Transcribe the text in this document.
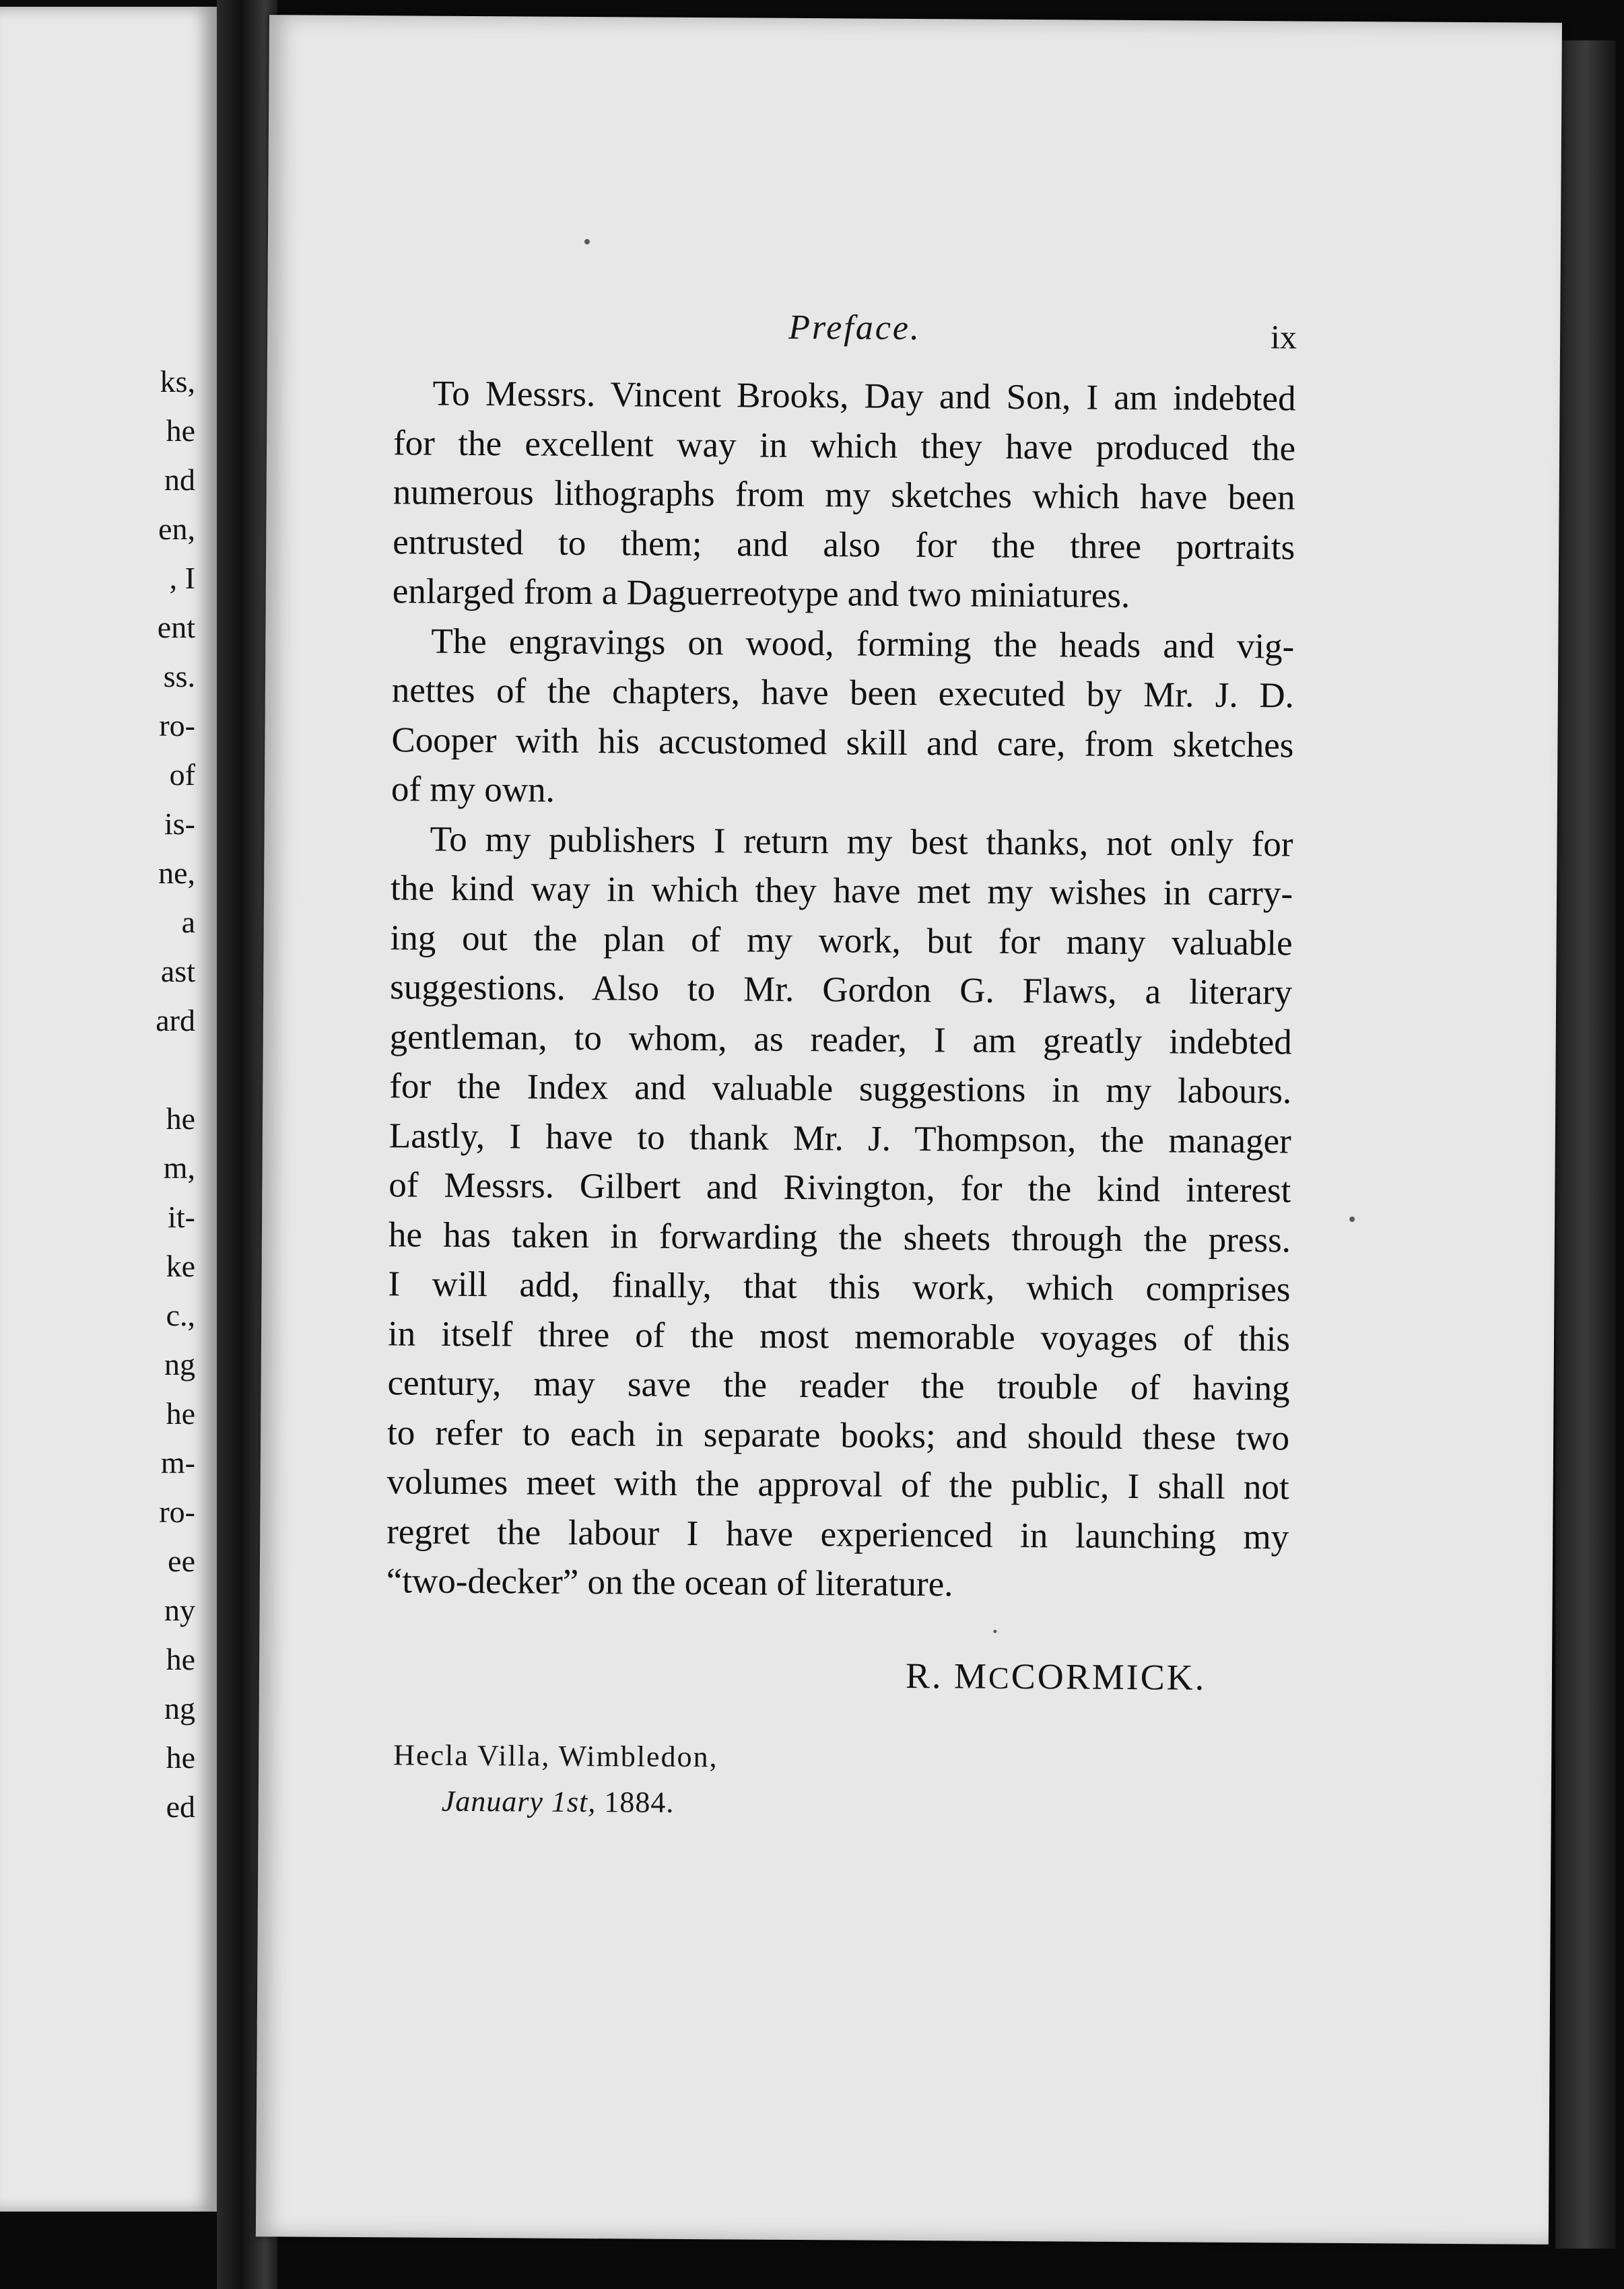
ks,
he
nd
en,
, I
ent
ss.
ro-
of
is-
ne,
a
ast
ard
he
m,
it-
ke
c.,
ng
he
m-
ro-
ee
ny
he
ng
he
ed
Preface.	ix
To Messrs. Vincent Brooks, Day and Son, I am indebted
for the excellent way in which they have produced the
numerous lithographs from my sketches which have been
entrusted to them; and also for the three portraits
enlarged from a Daguerreotype and two miniatures.
The engravings on wood, forming the heads and vig-
nettes of the chapters, have been executed by Mr. J. D.
Cooper with his accustomed skill and care, from sketches
of my own.
To my publishers I return my best thanks, not only for
the kind way in which they have met my wishes in carry-
ing out the plan of my work, but for many valuable
suggestions. Also to Mr. Gordon G. Flaws, a literary
gentleman, to whom, as reader, I am greatly indebted
for the Index and valuable suggestions in my labours.
Lastly, I have to thank Mr. J. Thompson, the manager
of Messrs. Gilbert and Rivington, for the kind interest
he has taken in forwarding the sheets through the press.
I will add, finally, that this work, which comprises
in itself three of the most memorable voyages of this
century, may save the reader the trouble of having
to refer to each in separate books; and should these two
volumes meet with the approval of the public, I shall not
regret the labour I have experienced in launching my
“two-decker” on the ocean of literature.
R. MCCORMICK.
Hecla Villa, Wimbledon,
January 1st, 1884.
